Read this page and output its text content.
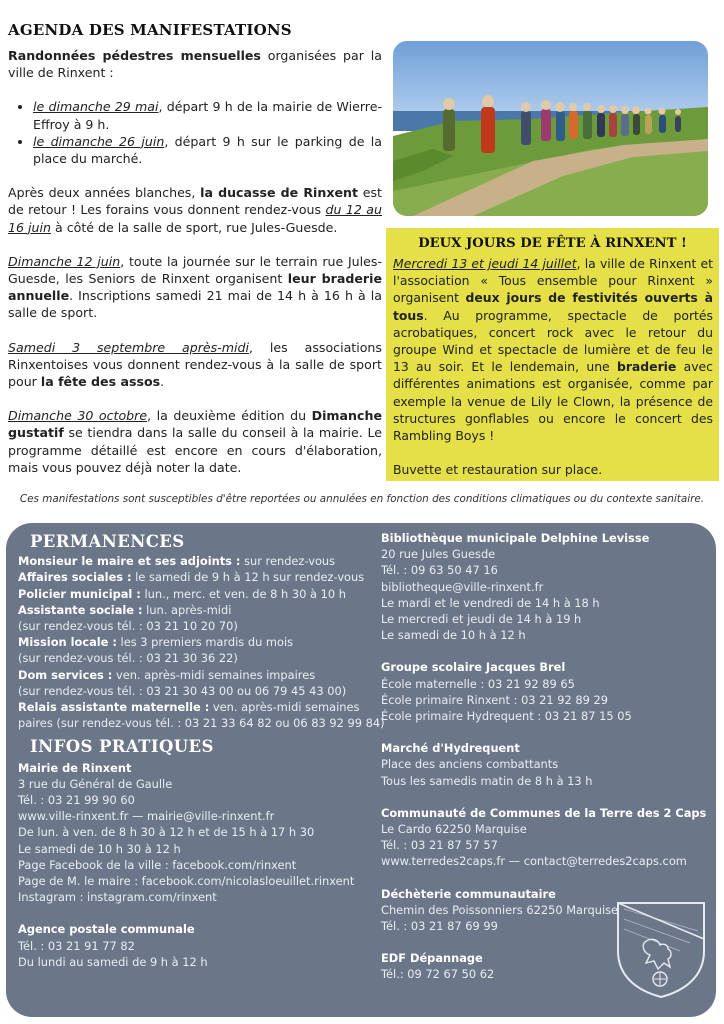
AGENDA DES MANIFESTATIONS

Randonnées pédestres mensuelles organisées par la ville de Rinxent :

• le dimanche 29 mai, départ 9 h de la mairie de Wierre-Effroy à 9 h.
• le dimanche 26 juin, départ 9 h sur le parking de la place du marché.

Après deux années blanches, la ducasse de Rinxent est de retour ! Les forains vous donnent rendez-vous du 12 au 16 juin à côté de la salle de sport, rue Jules-Guesde.

Dimanche 12 juin, toute la journée sur le terrain rue Jules-Guesde, les Seniors de Rinxent organisent leur braderie annuelle. Inscriptions samedi 21 mai de 14 h à 16 h à la salle de sport.

Samedi 3 septembre après-midi, les associations Rinxentoises vous donnent rendez-vous à la salle de sport pour la fête des assos.

Dimanche 30 octobre, la deuxième édition du Dimanche gustatif se tiendra dans la salle du conseil à la mairie. Le programme détaillé est encore en cours d'élaboration, mais vous pouvez déjà noter la date.

DEUX JOURS DE FÊTE À RINXENT !

Mercredi 13 et jeudi 14 juillet, la ville de Rinxent et l'association « Tous ensemble pour Rinxent » organisent deux jours de festivités ouverts à tous. Au programme, spectacle de portés acrobatiques, concert rock avec le retour du groupe Wind et spectacle de lumière et de feu le 13 au soir. Et le lendemain, une braderie avec différentes animations est organisée, comme par exemple la venue de Lily le Clown, la présence de structures gonflables ou encore le concert des Rambling Boys !

Buvette et restauration sur place.

Ces manifestations sont susceptibles d'être reportées ou annulées en fonction des conditions climatiques ou du contexte sanitaire.
PERMANENCES
Monsieur le maire et ses adjoints : sur rendez-vous
Affaires sociales : le samedi de 9 h à 12 h sur rendez-vous
Policier municipal : lun., merc. et ven. de 8 h 30 à 10 h
Assistante sociale : lun. après-midi
(sur rendez-vous tél. : 03 21 10 20 70)
Mission locale : les 3 premiers mardis du mois
(sur rendez-vous tél. : 03 21 30 36 22)
Dom services : ven. après-midi semaines impaires
(sur rendez-vous tél. : 03 21 30 43 00 ou 06 79 45 43 00)
Relais assistante maternelle : ven. après-midi semaines
paires (sur rendez-vous tél. : 03 21 33 64 82 ou 06 83 92 99 84)
INFOS PRATIQUES
Mairie de Rinxent
3 rue du Général de Gaulle
Tél. : 03 21 99 90 60
www.ville-rinxent.fr — mairie@ville-rinxent.fr
De lun. à ven. de 8 h 30 à 12 h et de 15 h à 17 h 30
Le samedi de 10 h 30 à 12 h
Page Facebook de la ville : facebook.com/rinxent
Page de M. le maire : facebook.com/nicolasloeuillet.rinxent
Instagram : instagram.com/rinxent
Agence postale communale
Tél. : 03 21 91 77 82
Du lundi au samedi de 9 h à 12 h
Bibliothèque municipale Delphine Levisse
20 rue Jules Guesde
Tél. : 09 63 50 47 16
bibliotheque@ville-rinxent.fr
Le mardi et le vendredi de 14 h à 18 h
Le mercredi et jeudi de 14 h à 19 h
Le samedi de 10 h à 12 h
Groupe scolaire Jacques Brel
École maternelle : 03 21 92 89 65
École primaire Rinxent : 03 21 92 89 29
École primaire Hydrequent : 03 21 87 15 05
Marché d'Hydrequent
Place des anciens combattants
Tous les samedis matin de 8 h à 13 h
Communauté de Communes de la Terre des 2 Caps
Le Cardo 62250 Marquise
Tél. : 03 21 87 57 57
www.terredes2caps.fr — contact@terredes2caps.com
Déchèterie communautaire
Chemin des Poissonniers 62250 Marquise
Tél. : 03 21 87 69 99
EDF Dépannage
Tél.: 09 72 67 50 62
